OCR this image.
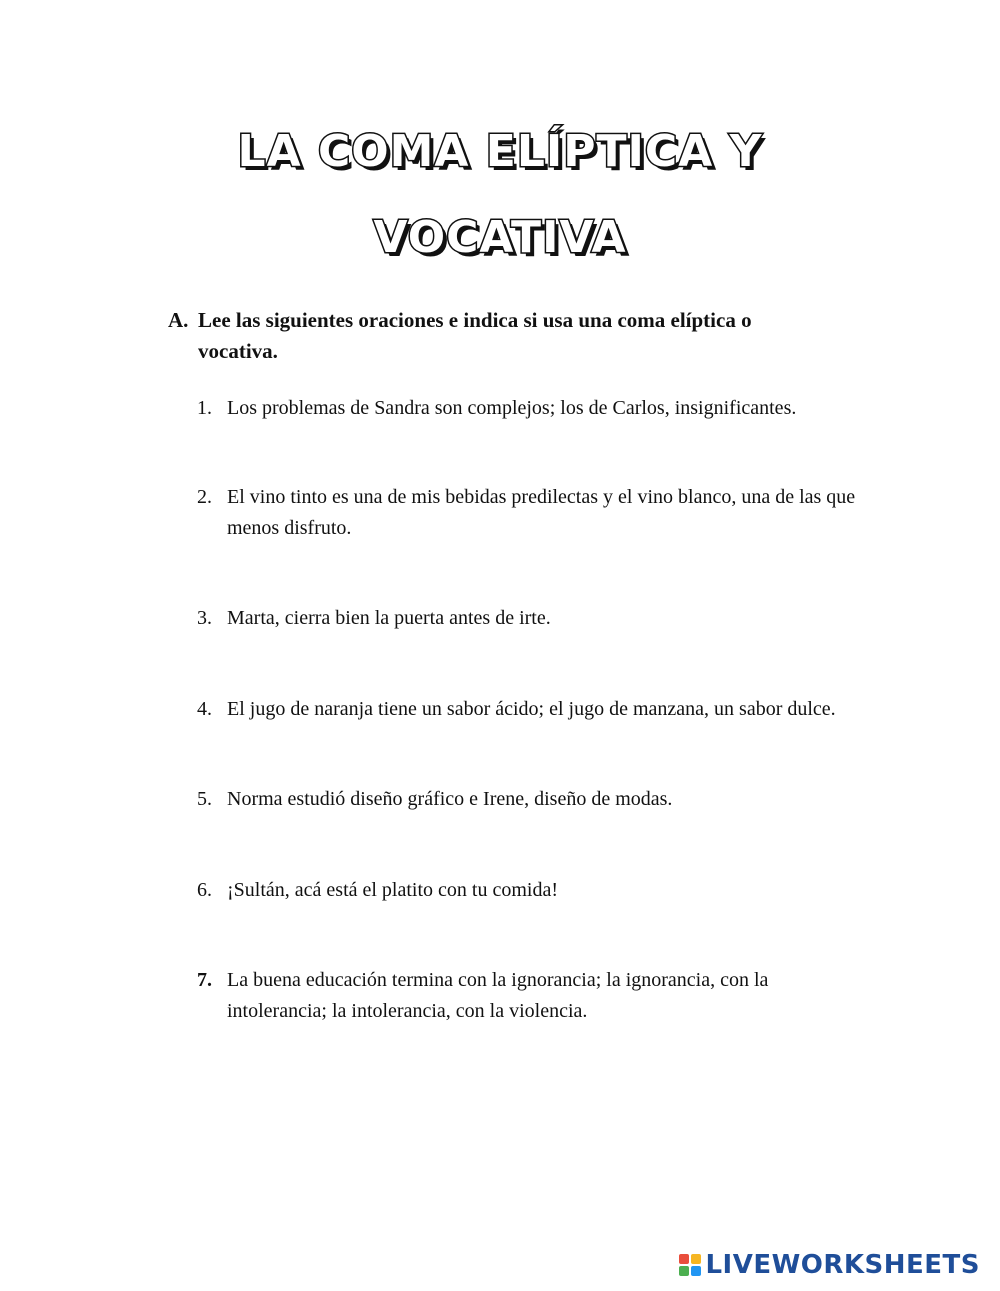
LA COMA ELÍPTICA Y
VOCATIVA
A. Lee las siguientes oraciones e indica si usa una coma elíptica o vocativa.
1. Los problemas de Sandra son complejos; los de Carlos, insignificantes.
2. El vino tinto es una de mis bebidas predilectas y el vino blanco, una de las que menos disfruto.
3. Marta, cierra bien la puerta antes de irte.
4. El jugo de naranja tiene un sabor ácido; el jugo de manzana, un sabor dulce.
5. Norma estudió diseño gráfico e Irene, diseño de modas.
6. ¡Sultán, acá está el platito con tu comida!
7. La buena educación termina con la ignorancia; la ignorancia, con la intolerancia; la intolerancia, con la violencia.
LIVEWORKSHEETS
